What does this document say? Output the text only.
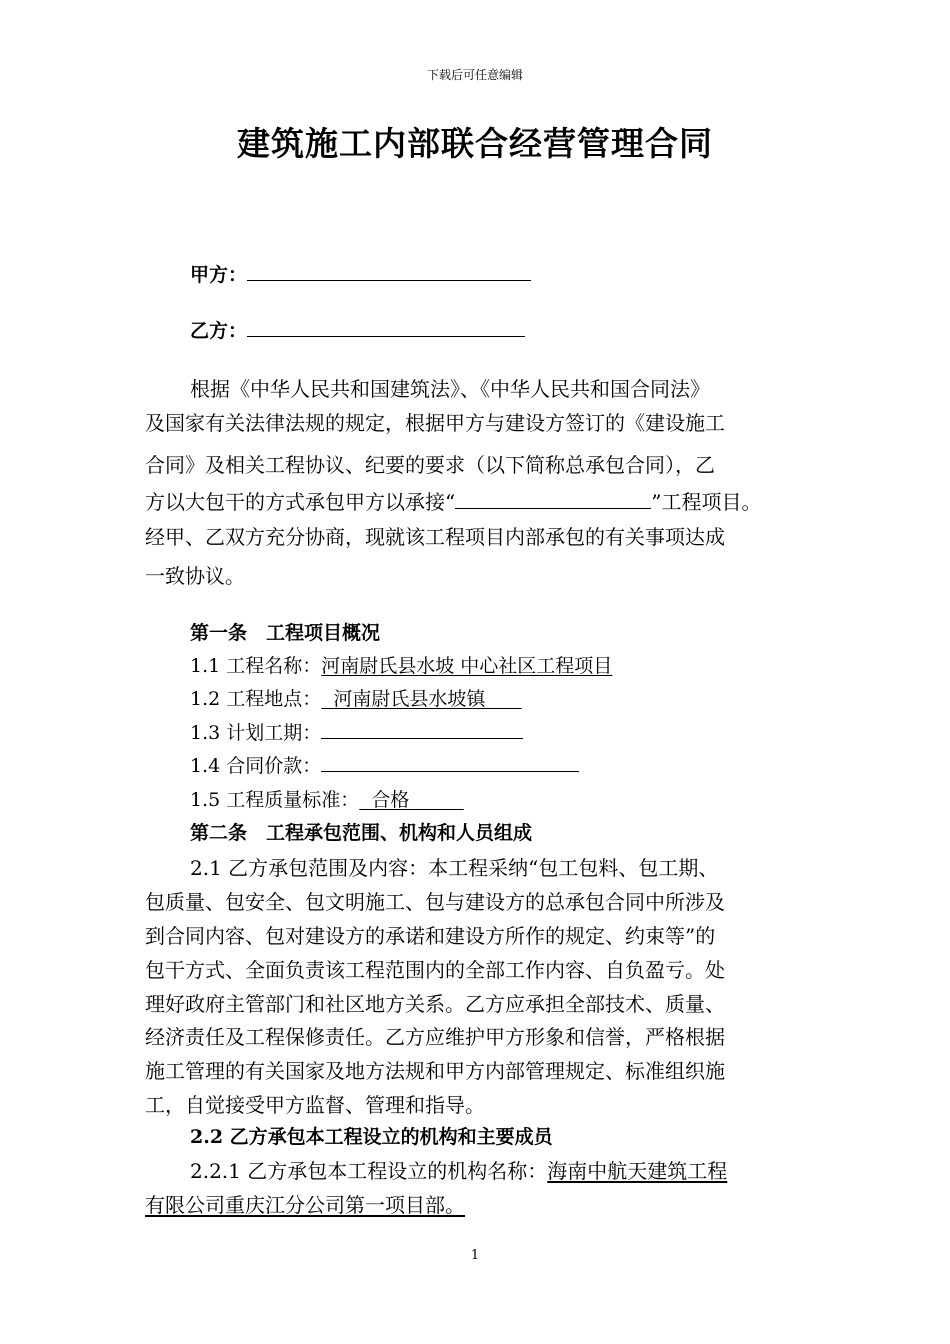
下载后可任意编辑
建筑施工内部联合经营管理合同
甲方：
乙方：
根据《中华人民共和国建筑法》、《中华人民共和国合同法》
及国家有关法律法规的规定，根据甲方与建设方签订的《建设施工
合同》及相关工程协议、纪要的要求（以下简称总承包合同），乙
方以大包干的方式承包甲方以承接“	”工程项目。
经甲、乙双方充分协商，现就该工程项目内部承包的有关事项达成
一致协议。
第一条　工程项目概况
1.1 工程名称：河南尉氏县水坡 中心社区工程项目
1.2 工程地点： 河南尉氏县水坡镇
1.3 计划工期：
1.4 合同价款：
1.5 工程质量标准： 合格
第二条　工程承包范围、机构和人员组成
2.1 乙方承包范围及内容：本工程采纳“包工包料、包工期、
包质量、包安全、包文明施工、包与建设方的总承包合同中所涉及
到合同内容、包对建设方的承诺和建设方所作的规定、约束等”的
包干方式、全面负责该工程范围内的全部工作内容、自负盈亏。处
理好政府主管部门和社区地方关系。乙方应承担全部技术、质量、
经济责任及工程保修责任。乙方应维护甲方形象和信誉，严格根据
施工管理的有关国家及地方法规和甲方内部管理规定、标准组织施
工，自觉接受甲方监督、管理和指导。
2.2 乙方承包本工程设立的机构和主要成员
2.2.1 乙方承包本工程设立的机构名称：海南中航天建筑工程
有限公司重庆江分公司第一项目部。
1
